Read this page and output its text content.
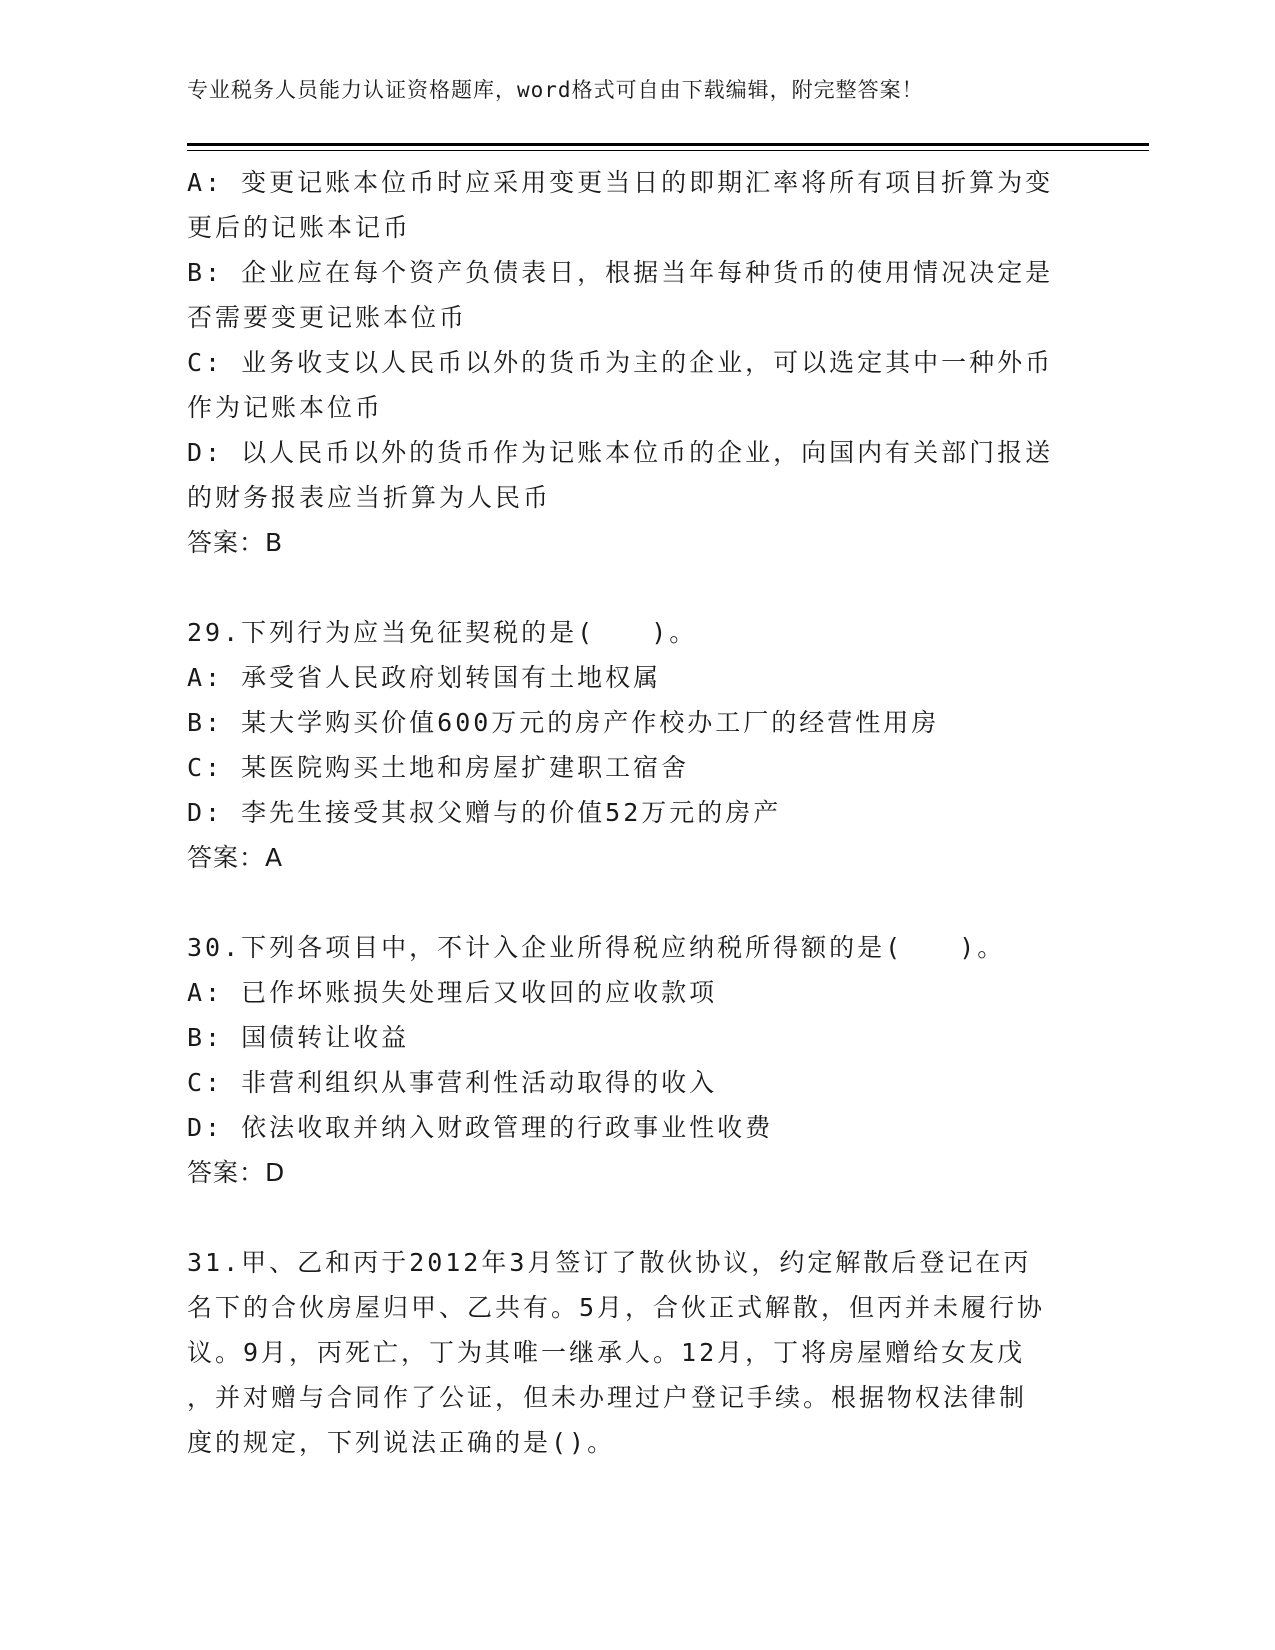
专业税务人员能力认证资格题库，word格式可自由下载编辑，附完整答案！
A: 变更记账本位币时应采用变更当日的即期汇率将所有项目折算为变
更后的记账本记币
B: 企业应在每个资产负债表日，根据当年每种货币的使用情况决定是
否需要变更记账本位币
C: 业务收支以人民币以外的货币为主的企业，可以选定其中一种外币
作为记账本位币
D: 以人民币以外的货币作为记账本位币的企业，向国内有关部门报送
的财务报表应当折算为人民币
答案：B
29.下列行为应当免征契税的是(　　)。
A: 承受省人民政府划转国有土地权属
B: 某大学购买价值600万元的房产作校办工厂的经营性用房
C: 某医院购买土地和房屋扩建职工宿舍
D: 李先生接受其叔父赠与的价值52万元的房产
答案：A
30.下列各项目中，不计入企业所得税应纳税所得额的是(　　)。
A: 已作坏账损失处理后又收回的应收款项
B: 国债转让收益
C: 非营利组织从事营利性活动取得的收入
D: 依法收取并纳入财政管理的行政事业性收费
答案：D
31.甲、乙和丙于2012年3月签订了散伙协议，约定解散后登记在丙
名下的合伙房屋归甲、乙共有。5月，合伙正式解散，但丙并未履行协
议。9月，丙死亡，丁为其唯一继承人。12月，丁将房屋赠给女友戊
，并对赠与合同作了公证，但未办理过户登记手续。根据物权法律制
度的规定，下列说法正确的是()。
